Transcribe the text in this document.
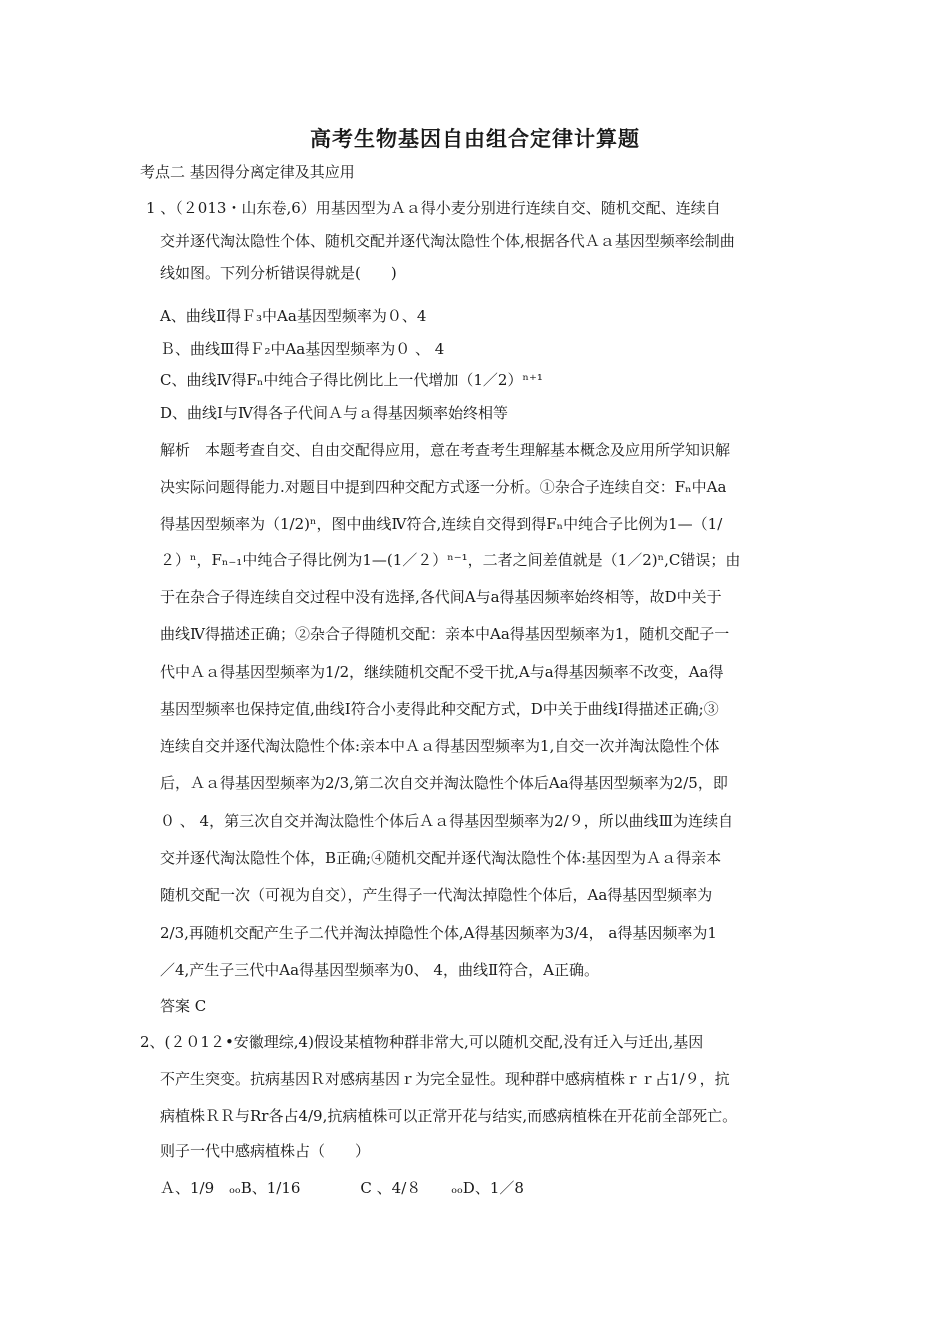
高考生物基因自由组合定律计算题
考点二 基因得分离定律及其应用
1 、（２013・山东卷,6）用基因型为Ａａ得小麦分别进行连续自交、随机交配、连续自
交并逐代淘汰隐性个体、随机交配并逐代淘汰隐性个体,根据各代Ａａ基因型频率绘制曲
线如图。下列分析错误得就是(　　)
A、曲线Ⅱ得Ｆ₃中Aa基因型频率为０、4
Ｂ、曲线Ⅲ得Ｆ₂中Aa基因型频率为０ 、 4
C、曲线Ⅳ得Fₙ中纯合子得比例比上一代增加（1／2）ⁿ⁺¹
D、曲线Ⅰ与Ⅳ得各子代间Ａ与ａ得基因频率始终相等
解析　本题考查自交、自由交配得应用，意在考查考生理解基本概念及应用所学知识解
决实际问题得能力.对题目中提到四种交配方式逐一分析。①杂合子连续自交：Fₙ中Aa
得基因型频率为（1/2)ⁿ，图中曲线Ⅳ符合,连续自交得到得Fₙ中纯合子比例为1—（1/
２）ⁿ，Fₙ₋₁中纯合子得比例为1—(1／２）ⁿ⁻¹，二者之间差值就是（1／2)ⁿ,C错误；由
于在杂合子得连续自交过程中没有选择,各代间A与a得基因频率始终相等，故D中关于
曲线Ⅳ得描述正确；②杂合子得随机交配：亲本中Aa得基因型频率为1，随机交配子一
代中Ａａ得基因型频率为1/2，继续随机交配不受干扰,A与a得基因频率不改变，Aa得
基因型频率也保持定值,曲线Ⅰ符合小麦得此种交配方式，D中关于曲线Ⅰ得描述正确;③
连续自交并逐代淘汰隐性个体:亲本中Ａａ得基因型频率为1,自交一次并淘汰隐性个体
后，Ａａ得基因型频率为2/3,第二次自交并淘汰隐性个体后Aa得基因型频率为2/5，即
０ 、 4，第三次自交并淘汰隐性个体后Ａａ得基因型频率为2/９，所以曲线Ⅲ为连续自
交并逐代淘汰隐性个体，B正确;④随机交配并逐代淘汰隐性个体:基因型为Ａａ得亲本
随机交配一次（可视为自交），产生得子一代淘汰掉隐性个体后，Aa得基因型频率为
2/3,再随机交配产生子二代并淘汰掉隐性个体,A得基因频率为3/4， a得基因频率为1
／4,产生子三代中Aa得基因型频率为0、 4，曲线Ⅱ符合，A正确。
答案 C
2、(２０1２•安徽理综,4)假设某植物种群非常大,可以随机交配,没有迁入与迁出,基因
不产生突变。抗病基因Ｒ对感病基因ｒ为完全显性。现种群中感病植株ｒｒ占1/９，抗
病植株ＲＲ与Rr各占4/9,抗病植株可以正常开花与结实,而感病植株在开花前全部死亡。
则子一代中感病植株占（　　）
Ａ、1/9　ₒₒB、1/16　　　　C 、4/８　　ₒₒD、1／8
